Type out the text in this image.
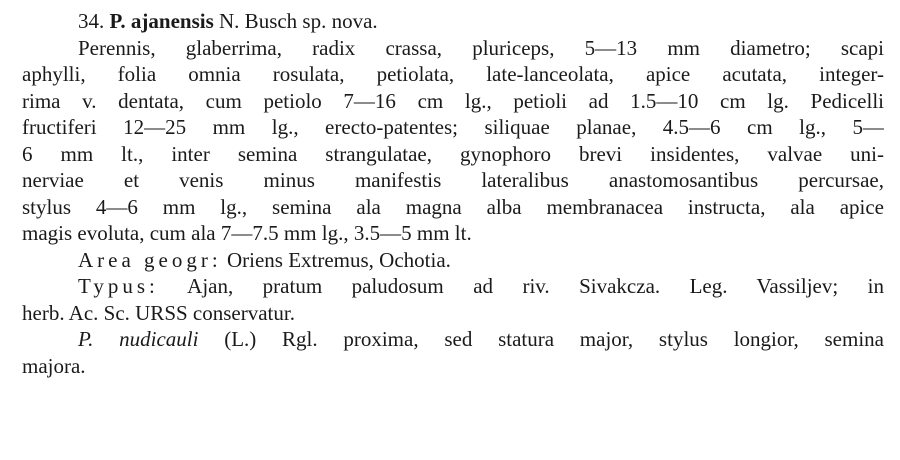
34. P. ajanensis N. Busch sp. nova.
Perennis, glaberrima, radix crassa, pluriceps, 5—13 mm diametro; scapi
aphylli, folia omnia rosulata, petiolata, late-lanceolata, apice acutata, integer-
rima v. dentata, cum petiolo 7—16 cm lg., petioli ad 1.5—10 cm lg. Pedicelli
fructiferi 12—25 mm lg., erecto-patentes; siliquae planae, 4.5—6 cm lg., 5—
6 mm lt., inter semina strangulatae, gynophoro brevi insidentes, valvae uni-
nerviae et venis minus manifestis lateralibus anastomosantibus percursae,
stylus 4—6 mm lg., semina ala magna alba membranacea instructa, ala apice
magis evoluta, cum ala 7—7.5 mm lg., 3.5—5 mm lt.
Area geogr: Oriens Extremus, Ochotia.
Typus: Ajan, pratum paludosum ad riv. Sivakcza. Leg. Vassiljev; in
herb. Ac. Sc. URSS conservatur.
P. nudicauli (L.) Rgl. proxima, sed statura major, stylus longior, semina
majora.
